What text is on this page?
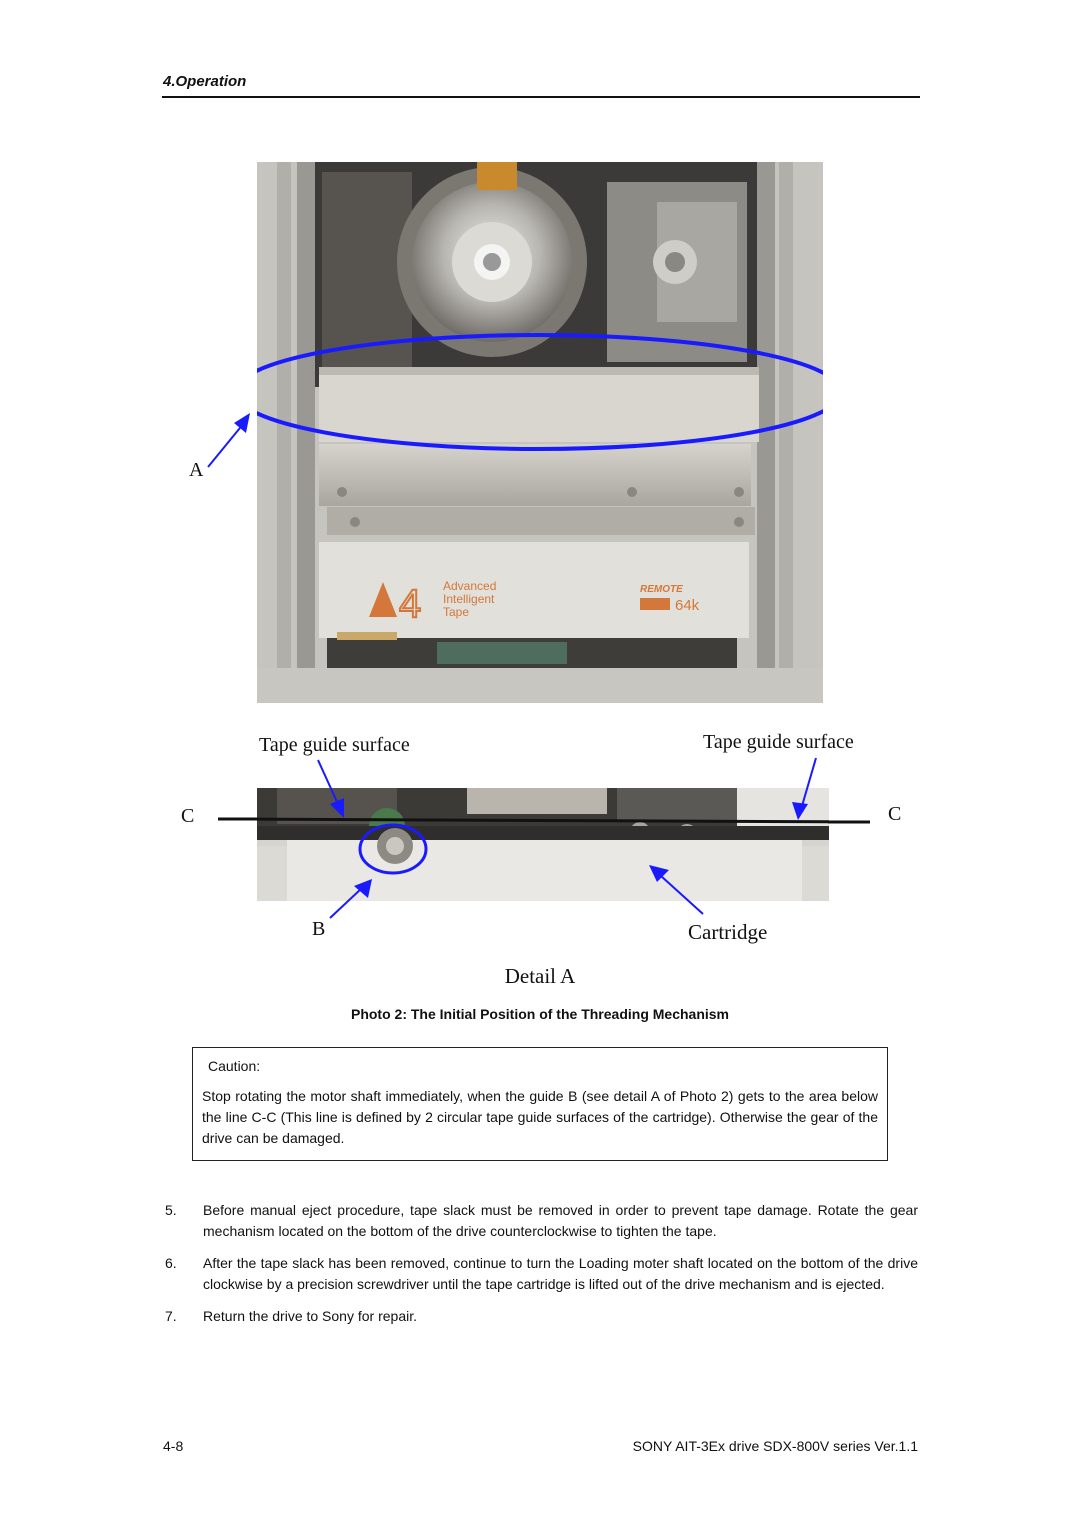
4.Operation
4 Advanced
Intelligent
Tape
REMOTE
64k
A
Tape guide surface	Tape guide surface
C	C
B	Cartridge
Detail A
Photo 2: The Initial Position of the Threading Mechanism
Caution:
Stop rotating the motor shaft immediately, when the guide B (see detail A of Photo 2) gets to the area below the line C-C (This line is defined by 2 circular tape guide surfaces of the cartridge). Otherwise the gear of the drive can be damaged.
5.	Before manual eject procedure, tape slack must be removed in order to prevent tape damage. Rotate the gear mechanism located on the bottom of the drive counterclockwise to tighten the tape.
6.	After the tape slack has been removed, continue to turn the Loading moter shaft located on the bottom of the drive clockwise by a precision screwdriver until the tape cartridge is lifted out of the drive mechanism and is ejected.
7.	Return the drive to Sony for repair.
4-8	SONY AIT-3Ex drive SDX-800V series Ver.1.1
